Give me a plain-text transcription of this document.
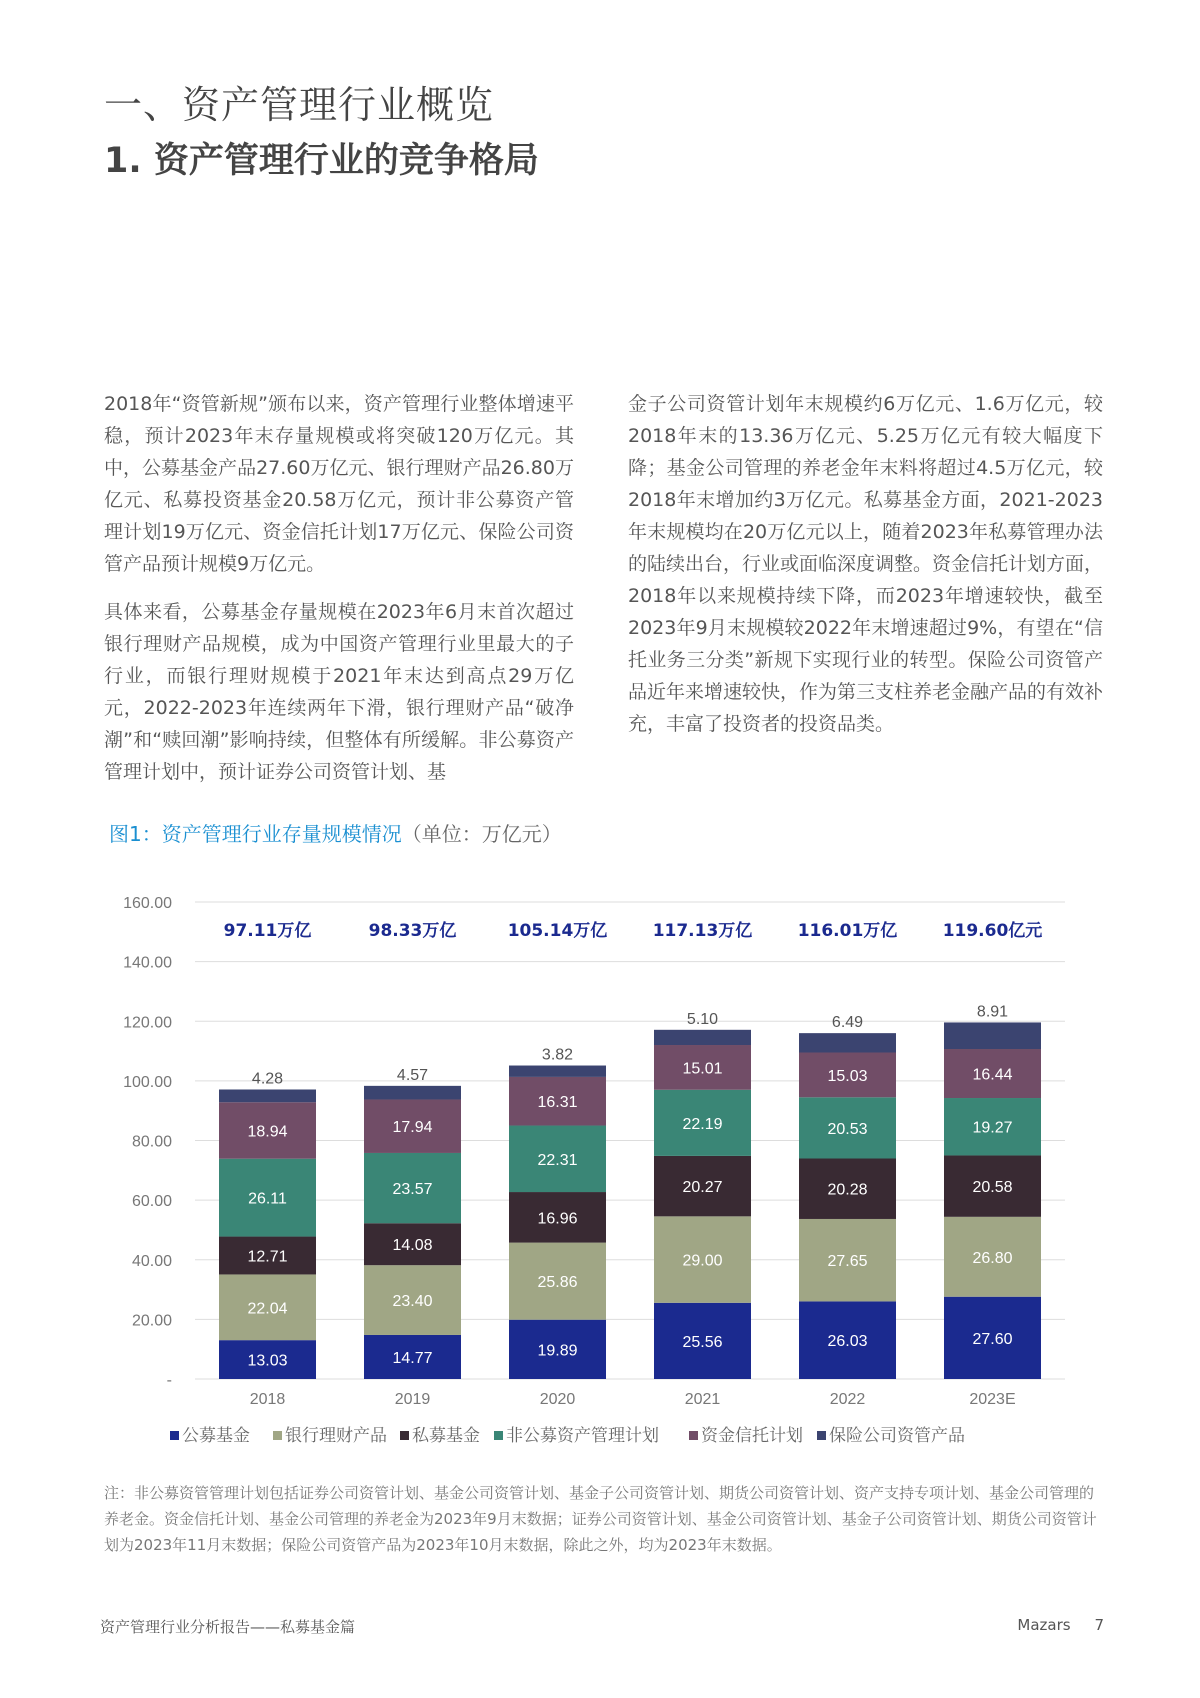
一、资产管理行业概览
1. 资产管理行业的竞争格局

2018年“资管新规”颁布以来，资产管理行业整体增速平稳，预计2023年末存量规模或将突破120万亿元。其中，公募基金产品27.60万亿元、银行理财产品26.80万亿元、私募投资基金20.58万亿元，预计非公募资产管理计划19万亿元、资金信托计划17万亿元、保险公司资管产品预计规模9万亿元。

具体来看，公募基金存量规模在2023年6月末首次超过银行理财产品规模，成为中国资产管理行业里最大的子行业，而银行理财规模于2021年末达到高点29万亿元，2022-2023年连续两年下滑，银行理财产品“破净潮”和“赎回潮”影响持续，但整体有所缓解。非公募资产管理计划中，预计证券公司资管计划、基

金子公司资管计划年末规模约6万亿元、1.6万亿元，较2018年末的13.36万亿元、5.25万亿元有较大幅度下降；基金公司管理的养老金年末料将超过4.5万亿元，较2018年末增加约3万亿元。私募基金方面，2021-2023年末规模均在20万亿元以上，随着2023年私募管理办法的陆续出台，行业或面临深度调整。资金信托计划方面，2018年以来规模持续下降，而2023年增速较快，截至2023年9月末规模较2022年末增速超过9%，有望在“信托业务三分类”新规下实现行业的转型。保险公司资管产品近年来增速较快，作为第三支柱养老金融产品的有效补充，丰富了投资者的投资品类。

图1：资产管理行业存量规模情况（单位：万亿元）
-
20.00
40.00
60.00
80.00
100.00
120.00
140.00
160.00
13.03
22.04
12.71
26.11
18.94
4.28
14.77
23.40
14.08
23.57
17.94
4.57
19.89
25.86
16.96
22.31
16.31
3.82
25.56
29.00
20.27
22.19
15.01
5.10
26.03
27.65
20.28
20.53
15.03
6.49
27.60
26.80
20.58
19.27
16.44
8.91
97.11万亿	98.33万亿	105.14万亿	117.13万亿	116.01万亿	119.60亿元
2018	2019	2020	2021	2022	2023E
公募基金 银行理财产品 私募基金 非公募资产管理计划 资金信托计划 保险公司资管产品
注：非公募资管管理计划包括证券公司资管计划、基金公司资管计划、基金子公司资管计划、期货公司资管计划、资产支持专项计划、基金公司管理的养老金。资金信托计划、基金公司管理的养老金为2023年9月末数据；证券公司资管计划、基金公司资管计划、基金子公司资管计划、期货公司资管计划为2023年11月末数据；保险公司资管产品为2023年10月末数据，除此之外，均为2023年末数据。
资产管理行业分析报告——私募基金篇	Mazars 7
